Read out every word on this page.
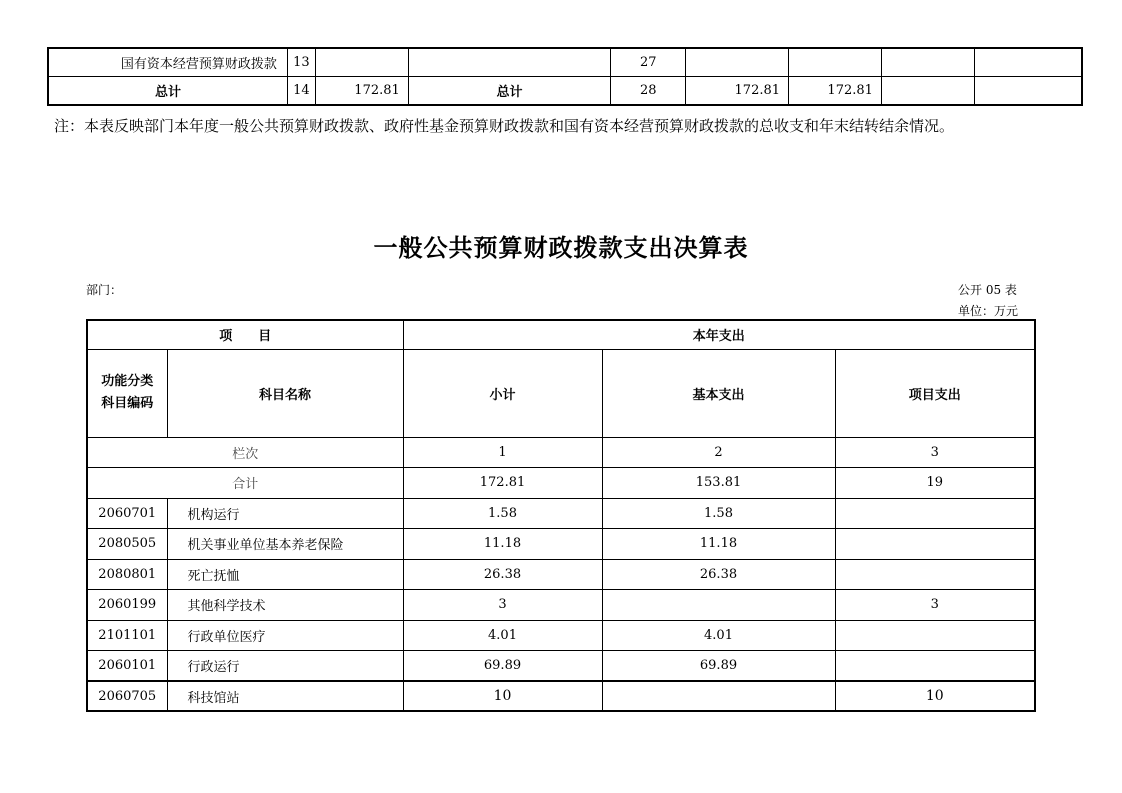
国有资本经营预算财政拨款	13			27				
总计	14	172.81	总计	28	172.81	172.81		
注：本表反映部门本年度一般公共预算财政拨款、政府性基金预算财政拨款和国有资本经营预算财政拨款的总收支和年末结转结余情况。
一般公共预算财政拨款支出决算表
部门：	公开 05 表
单位：万元
项　　目		本年支出		
功能分类科目编码	科目名称	小计	基本支出	项目支出
栏次		1	2	3
合计		172.81	153.81	19
2060701	机构运行	1.58	1.58	
2080505	机关事业单位基本养老保险	11.18	11.18	
2080801	死亡抚恤	26.38	26.38	
2060199	其他科学技术	3		3
2101101	行政单位医疗	4.01	4.01	
2060101	行政运行	69.89	69.89	
2060705	科技馆站	10		10
